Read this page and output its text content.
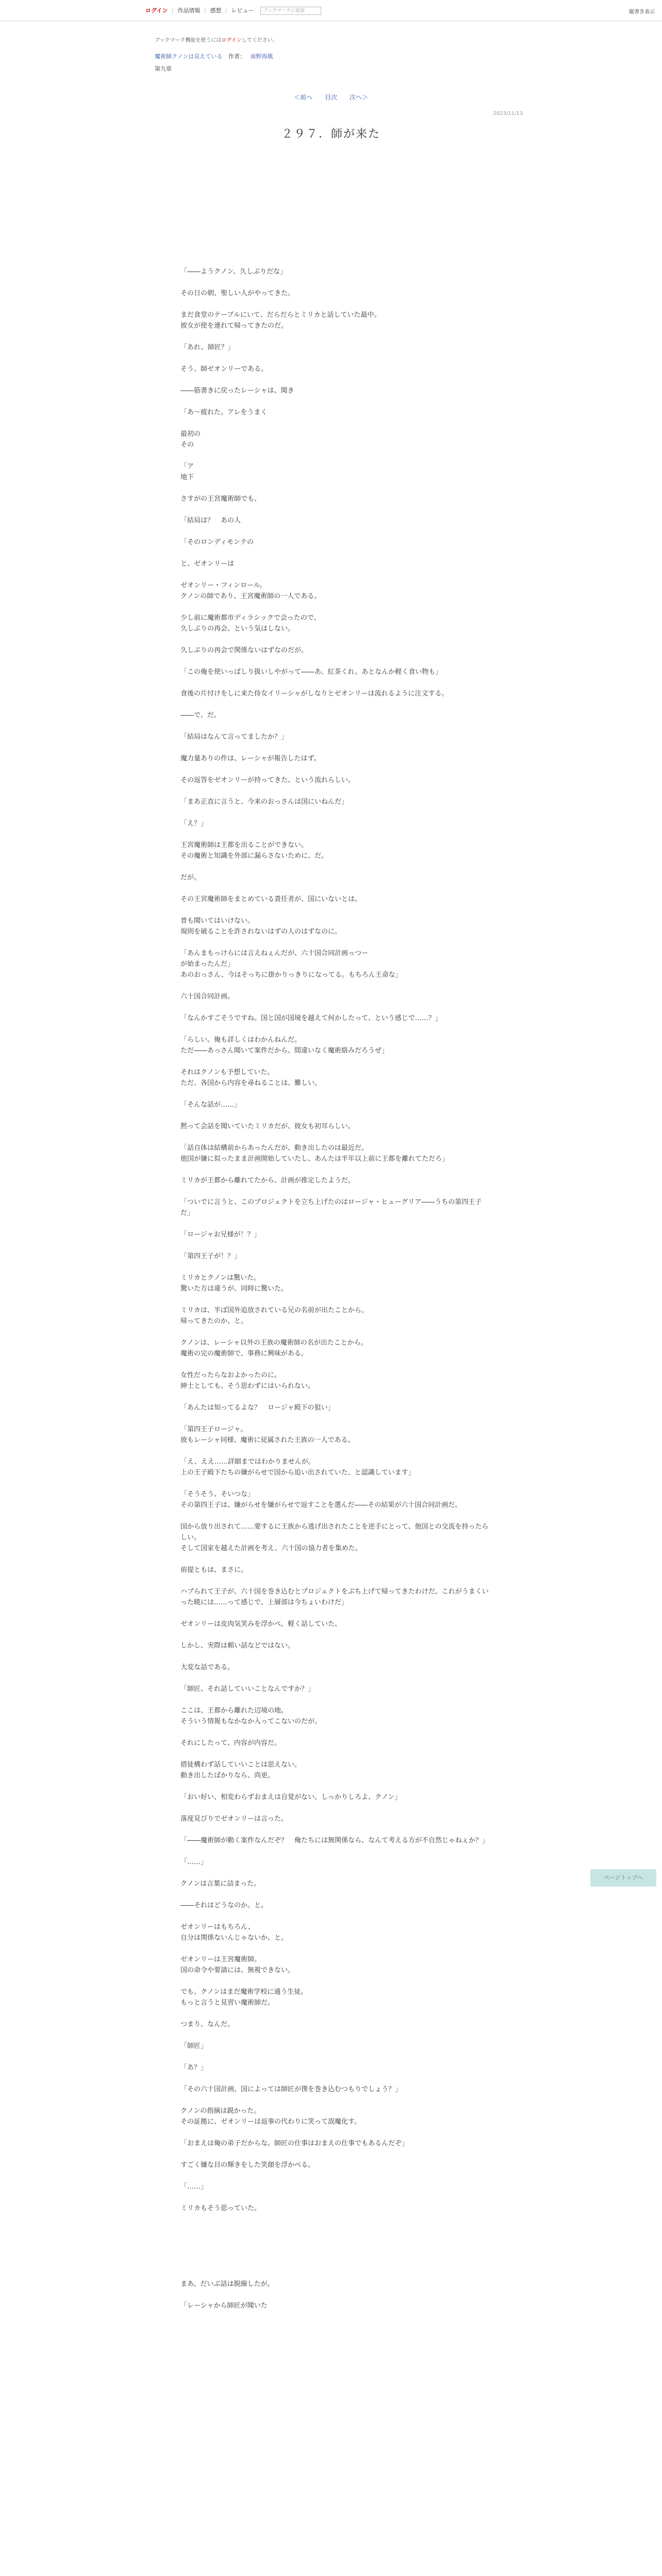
ログイン	作品情報	感想	レビュー	ブックマークに追加	縦書き表示
ブックマーク機能を使うにはログインしてください。
魔術師クノンは見えている 作者： 南野海風
第九章
＜前へ 目次 次へ＞
2023/11/13
２９７．師が来た

「――ようクノン、久しぶりだな」

その日の朝、聖しい人がやってきた。

まだ食堂のテーブルにいて、だらだらとミリカと話していた最中。

彼女が使を連れて帰ってきたのだ。

「あれ、師匠？」

そう、師ゼオンリーである。

――筋書きに戻ったレーシャは、聞き

「あ～疲れた。アレをうまく

最初の

その

「ア

地下

さすがの王宮魔術師でも、

「結局は？　あの人

「そのロンディモンテの

と、ゼオンリーは

ゼオンリー・フィンロール。

クノンの師であり、王宮魔術師の一人である。

少し前に魔術都市ディラシックで会ったので、

久しぶりの再会、という気はしない。

久しぶりの再会で関係ないはずなのだが。

「この俺を使いっぱしり扱いしやがって――あ、紅茶くれ。あとなんか軽く食い物も」

食後の片付けをしに来た侍女イリーシャがしなりとゼオンリーは流れるように注文する。

――で、だ。

「結局はなんて言ってましたか？」

魔力量ありの件は、レーシャが報告したはず。

その返答をゼオンリーが持ってきた、という流れらしい。

「まあ正直に言うと、今来のおっさんは国にいねんだ」

「え？」

王宮魔術師は王都を出ることができない。

その魔術と知識を外部に漏らさないために、だ。

だが。

その王宮魔術師をまとめている責任者が、国にいないとは。

普も聞いてはいけない。

規則を破ることを許されないはずの人のはずなのに。

「あんまもっけらには言えねぇんだが、六十国合同計画っつー

が始まったんだ」

あのおっさん、今はそっちに掛かりっきりになってる。もちろん王命な」

六十国合同計画。

「なんかすごそうですね。国と国が国境を越えて何かしたって、という感じで……？」

「らしい。俺も詳しくはわかんねんだ。

ただ――あっさん聞いて案件だから、間違いなく魔術絡みだろうぜ」

それはクノンも予想していた。

ただ、各国から内容を尋ねることは、難しい。

「そんな話が……」

黙って会話を聞いていたミリカだが、彼女も初耳らしい。

「話自体は結構前からあったんだが、動き出したのは最近だ。

他国が嫌に似ったまま計画開始していたし、あんたは半年以上前に王都を離れてただろ」

ミリカが王都から離れてたから、計画が推定したようだ。

「ついでに言うと、このプロジェクトを立ち上げたのはロージャ・ヒューグリア――うちの第四王子だ」

「ロージャお兄様が！？」

「第四王子が！？」

ミリカとクノンは驚いた。

驚いた方は違うが、同時に驚いた。

ミリカは、半ば国外追放されている兄の名前が出たことから。

帰ってきたのか、と。

クノンは、レーシャ以外の王族の魔術師の名が出たことから。

魔術の完の魔術師で、事務に興味がある。

女性だったらなおよかったのに。

紳士としても、そう思わずにはいられない。

「あんたは知ってるよな？　ロージャ殿下の狙い」

「第四王子ロージャ。

彼もレーシャ同様、魔術に従属された王族の一人である。

「え、ええ……詳細まではわかりませんが。

上の王子殿下たちの嫌がらせで国から追い出されていた、と認識しています」

「そうそう、そいつな」

その第四王子は、嫌がらせを嫌がらせで返すことを選んだ――その結果が六十国合同計画だ。

国から放り出されて……要するに王族から逃げ出されたことを逆手にとって、他国との交流を持ったらしい。

そして国家を越えた計画を考え、六十国の協力者を集めた。

前提ともは、まさに。

ハプられて王子が、六十国を巻き込むとプロジェクトをぶち上げて帰ってきたわけだ。これがうまくいった暁には……って感じで、上層部は今ちょいわけだ」

ゼオンリーは皮肉気笑みを浮かべ、軽く話していた。

しかし、実際は頼い話などではない。

大変な話である。

「師匠、それ話していいことなんですか？」

ここは、王都から離れた辺境の地。

そういう情報もなかなか入ってこないのだが。

それにしたって、内容が内容だ。

措徒構わず話していいことは思えない。

動き出したばかりなら、尚更。

「おい好い、相変わらずおまえは自覚がない。しっかりしろよ、クノン」

落度見びりでゼオンリーは言った。

「――魔術師が動く案件なんだぞ？　俺たちには無関係なら、なんて考える方が不自然じゃねぇか？」

「……」

クノンは言葉に詰まった。

――それはどうなのか。と。

ゼオンリーはもちろん、

自分は関係ないんじゃないか、と。

ゼオンリーは王宮魔術師。

国の命令や要請には、無視できない。

でも、クノンはまだ魔術学校に通う生徒。

もっと言うと見習い魔術師だ。

つまり、なんだ。

「師匠」

「あ？」

「その六十国計画、国によっては師匠が僕を巻き込むつもりでしょう？」

クノンの指摘は鋭かった。

その証拠に、ゼオンリーは返事の代わりに笑って誤魔化す。

「おまえは俺の弟子だからな。師匠の仕事はおまえの仕事でもあるんだぞ」

すごく嫌な目の輝きをした笑顔を浮かべる。

「……」

ミリカもそう思っていた。

まあ、だいぶ話は脱線したが。

「レーシャから師匠が聞いた

ページトップへ
